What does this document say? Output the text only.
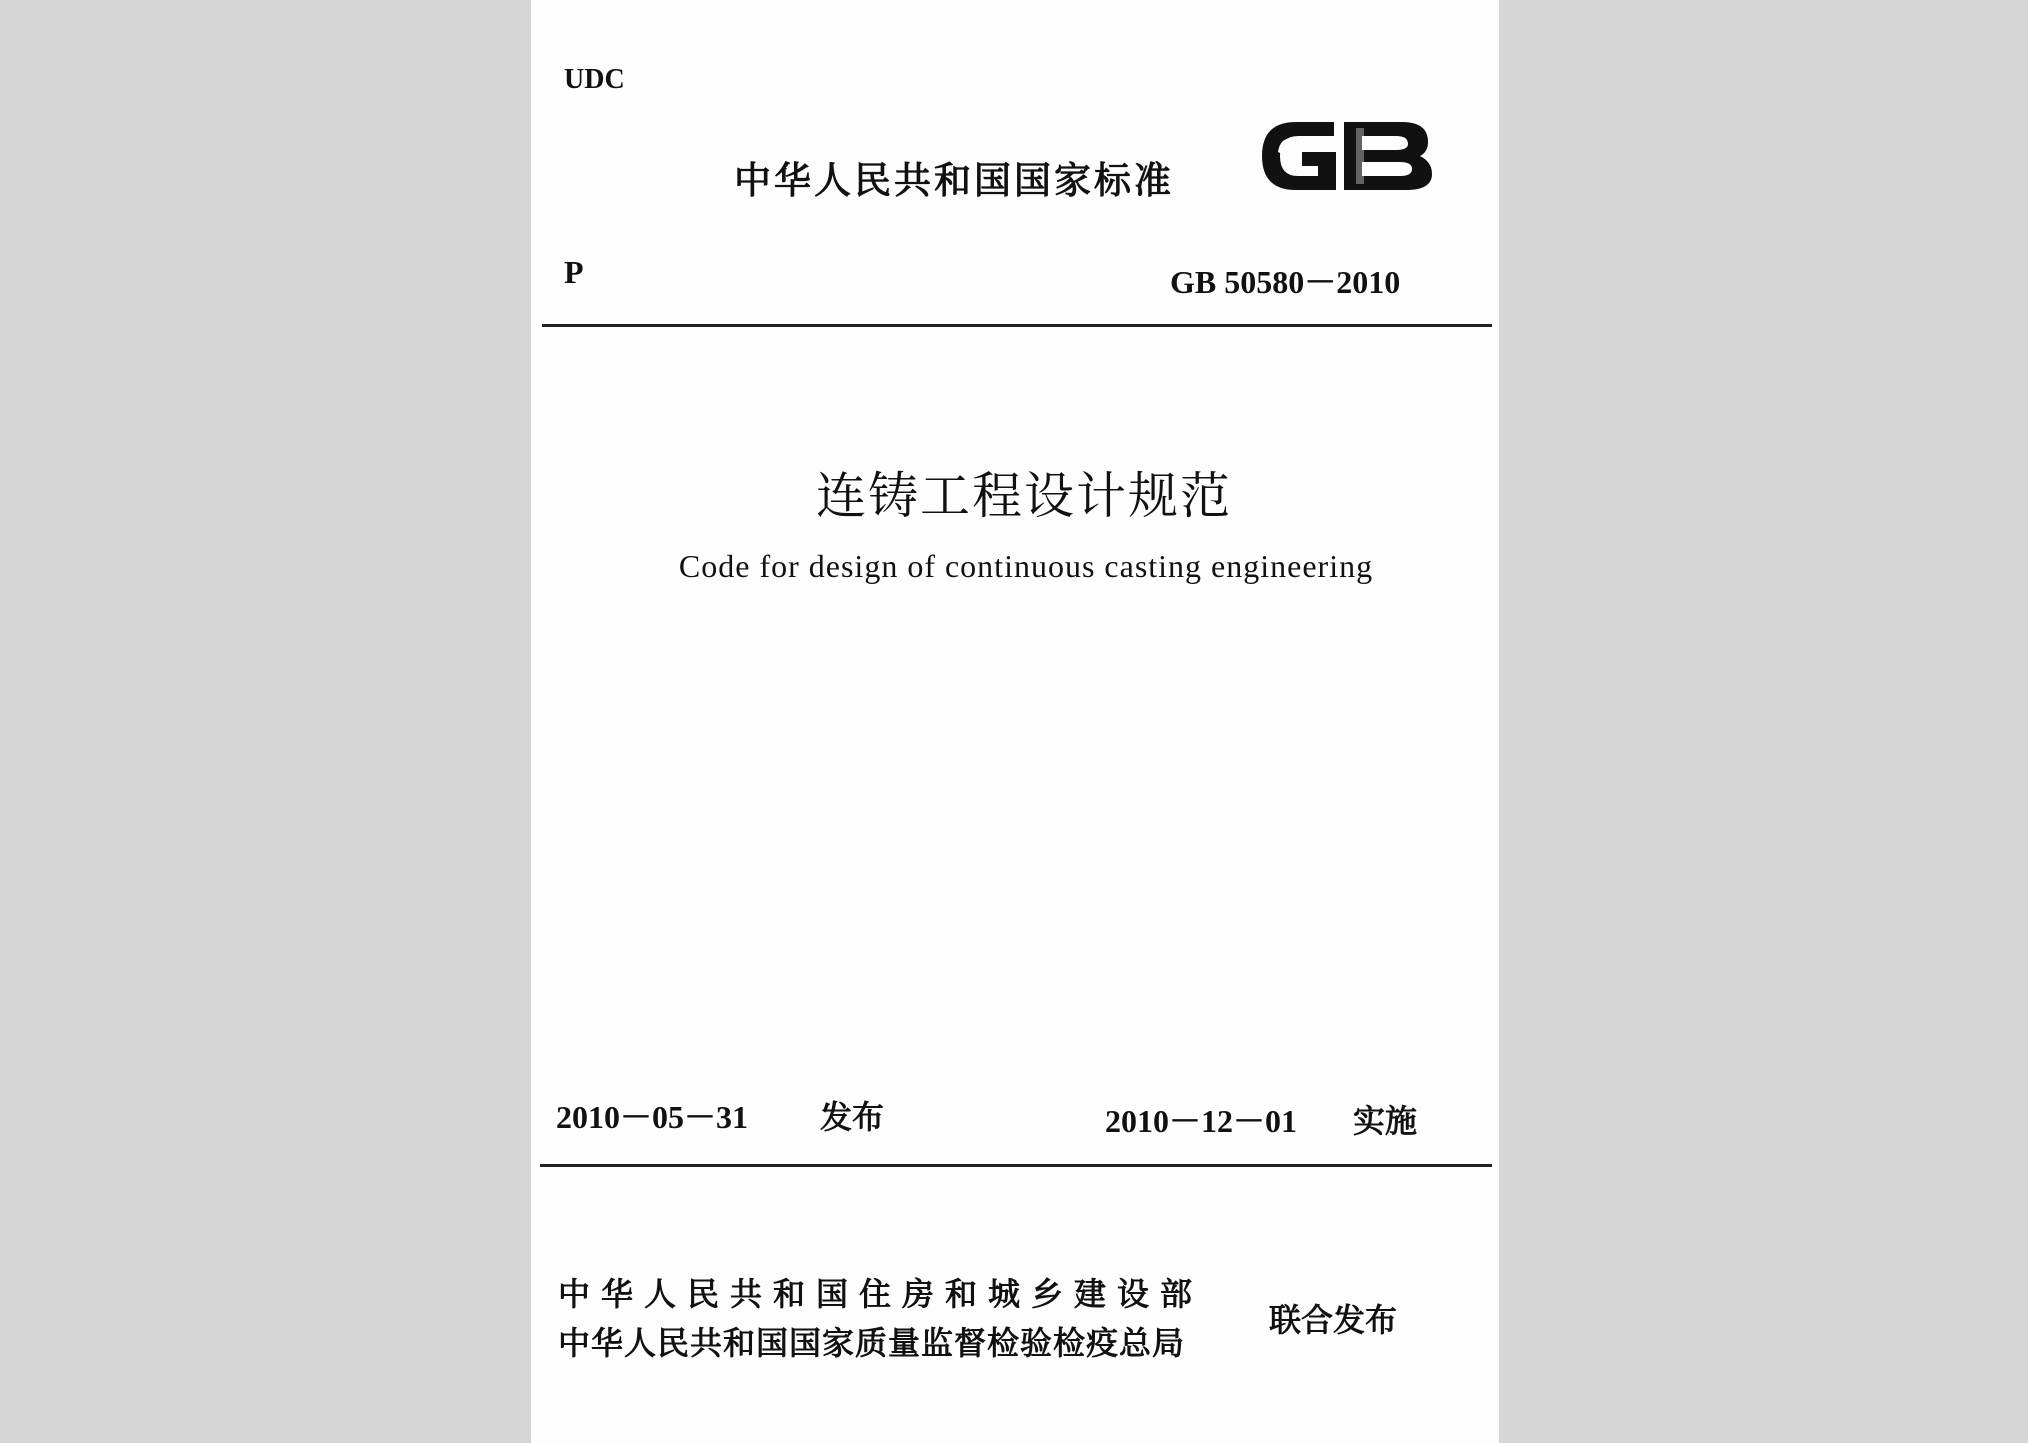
UDC
中华人民共和国国家标准
P	GB 50580－2010
连铸工程设计规范
Code for design of continuous casting engineering
2010－05－31 发布	2010－12－01 实施
中华人民共和国住房和城乡建设部
中华人民共和国国家质量监督检验检疫总局
联合发布
